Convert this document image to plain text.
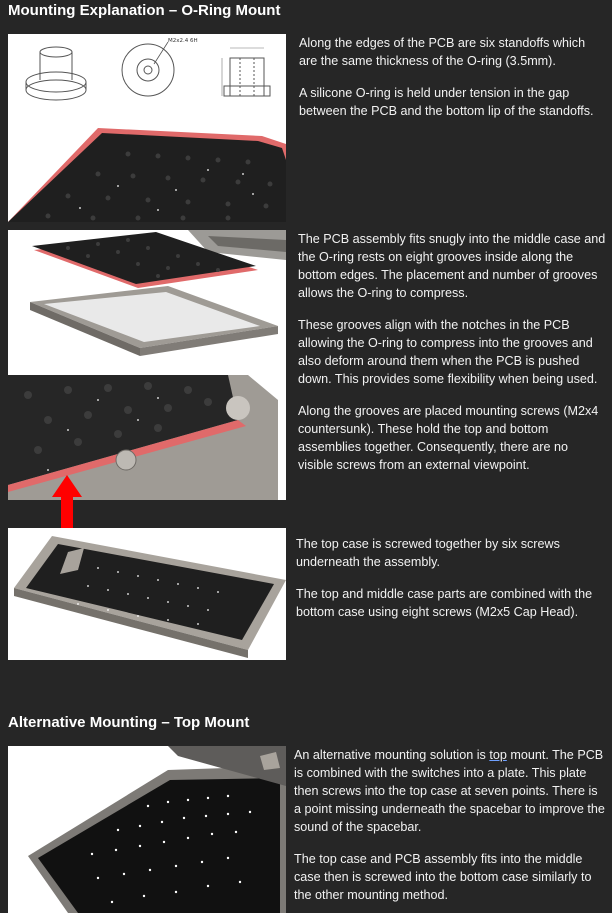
Mounting Explanation – O-Ring Mount
M2x2.4 6H	Along the edges of the PCB are six standoffs which are the same thickness of the O-ring (3.5mm).

A silicone O-ring is held under tension in the gap between the PCB and the bottom lip of the standoffs.

The PCB assembly fits snugly into the middle case and the O-ring rests on eight grooves inside along the bottom edges. The placement and number of grooves allows the O-ring to compress.

These grooves align with the notches in the PCB allowing the O-ring to compress into the grooves and also deform around them when the PCB is pushed down. This provides some flexibility when being used.

Along the grooves are placed mounting screws (M2x4 countersunk). These hold the top and bottom assemblies together. Consequently, there are no visible screws from an external viewpoint.

The top case is screwed together by six screws underneath the assembly.

The top and middle case parts are combined with the bottom case using eight screws (M2x5 Cap Head).

Alternative Mounting – Top Mount

An alternative mounting solution is top mount. The PCB is combined with the switches into a plate. This plate then screws into the top case at seven points. There is a point missing underneath the spacebar to improve the sound of the spacebar.

The top case and PCB assembly fits into the middle case then is screwed into the bottom case similarly to the other mounting method.
